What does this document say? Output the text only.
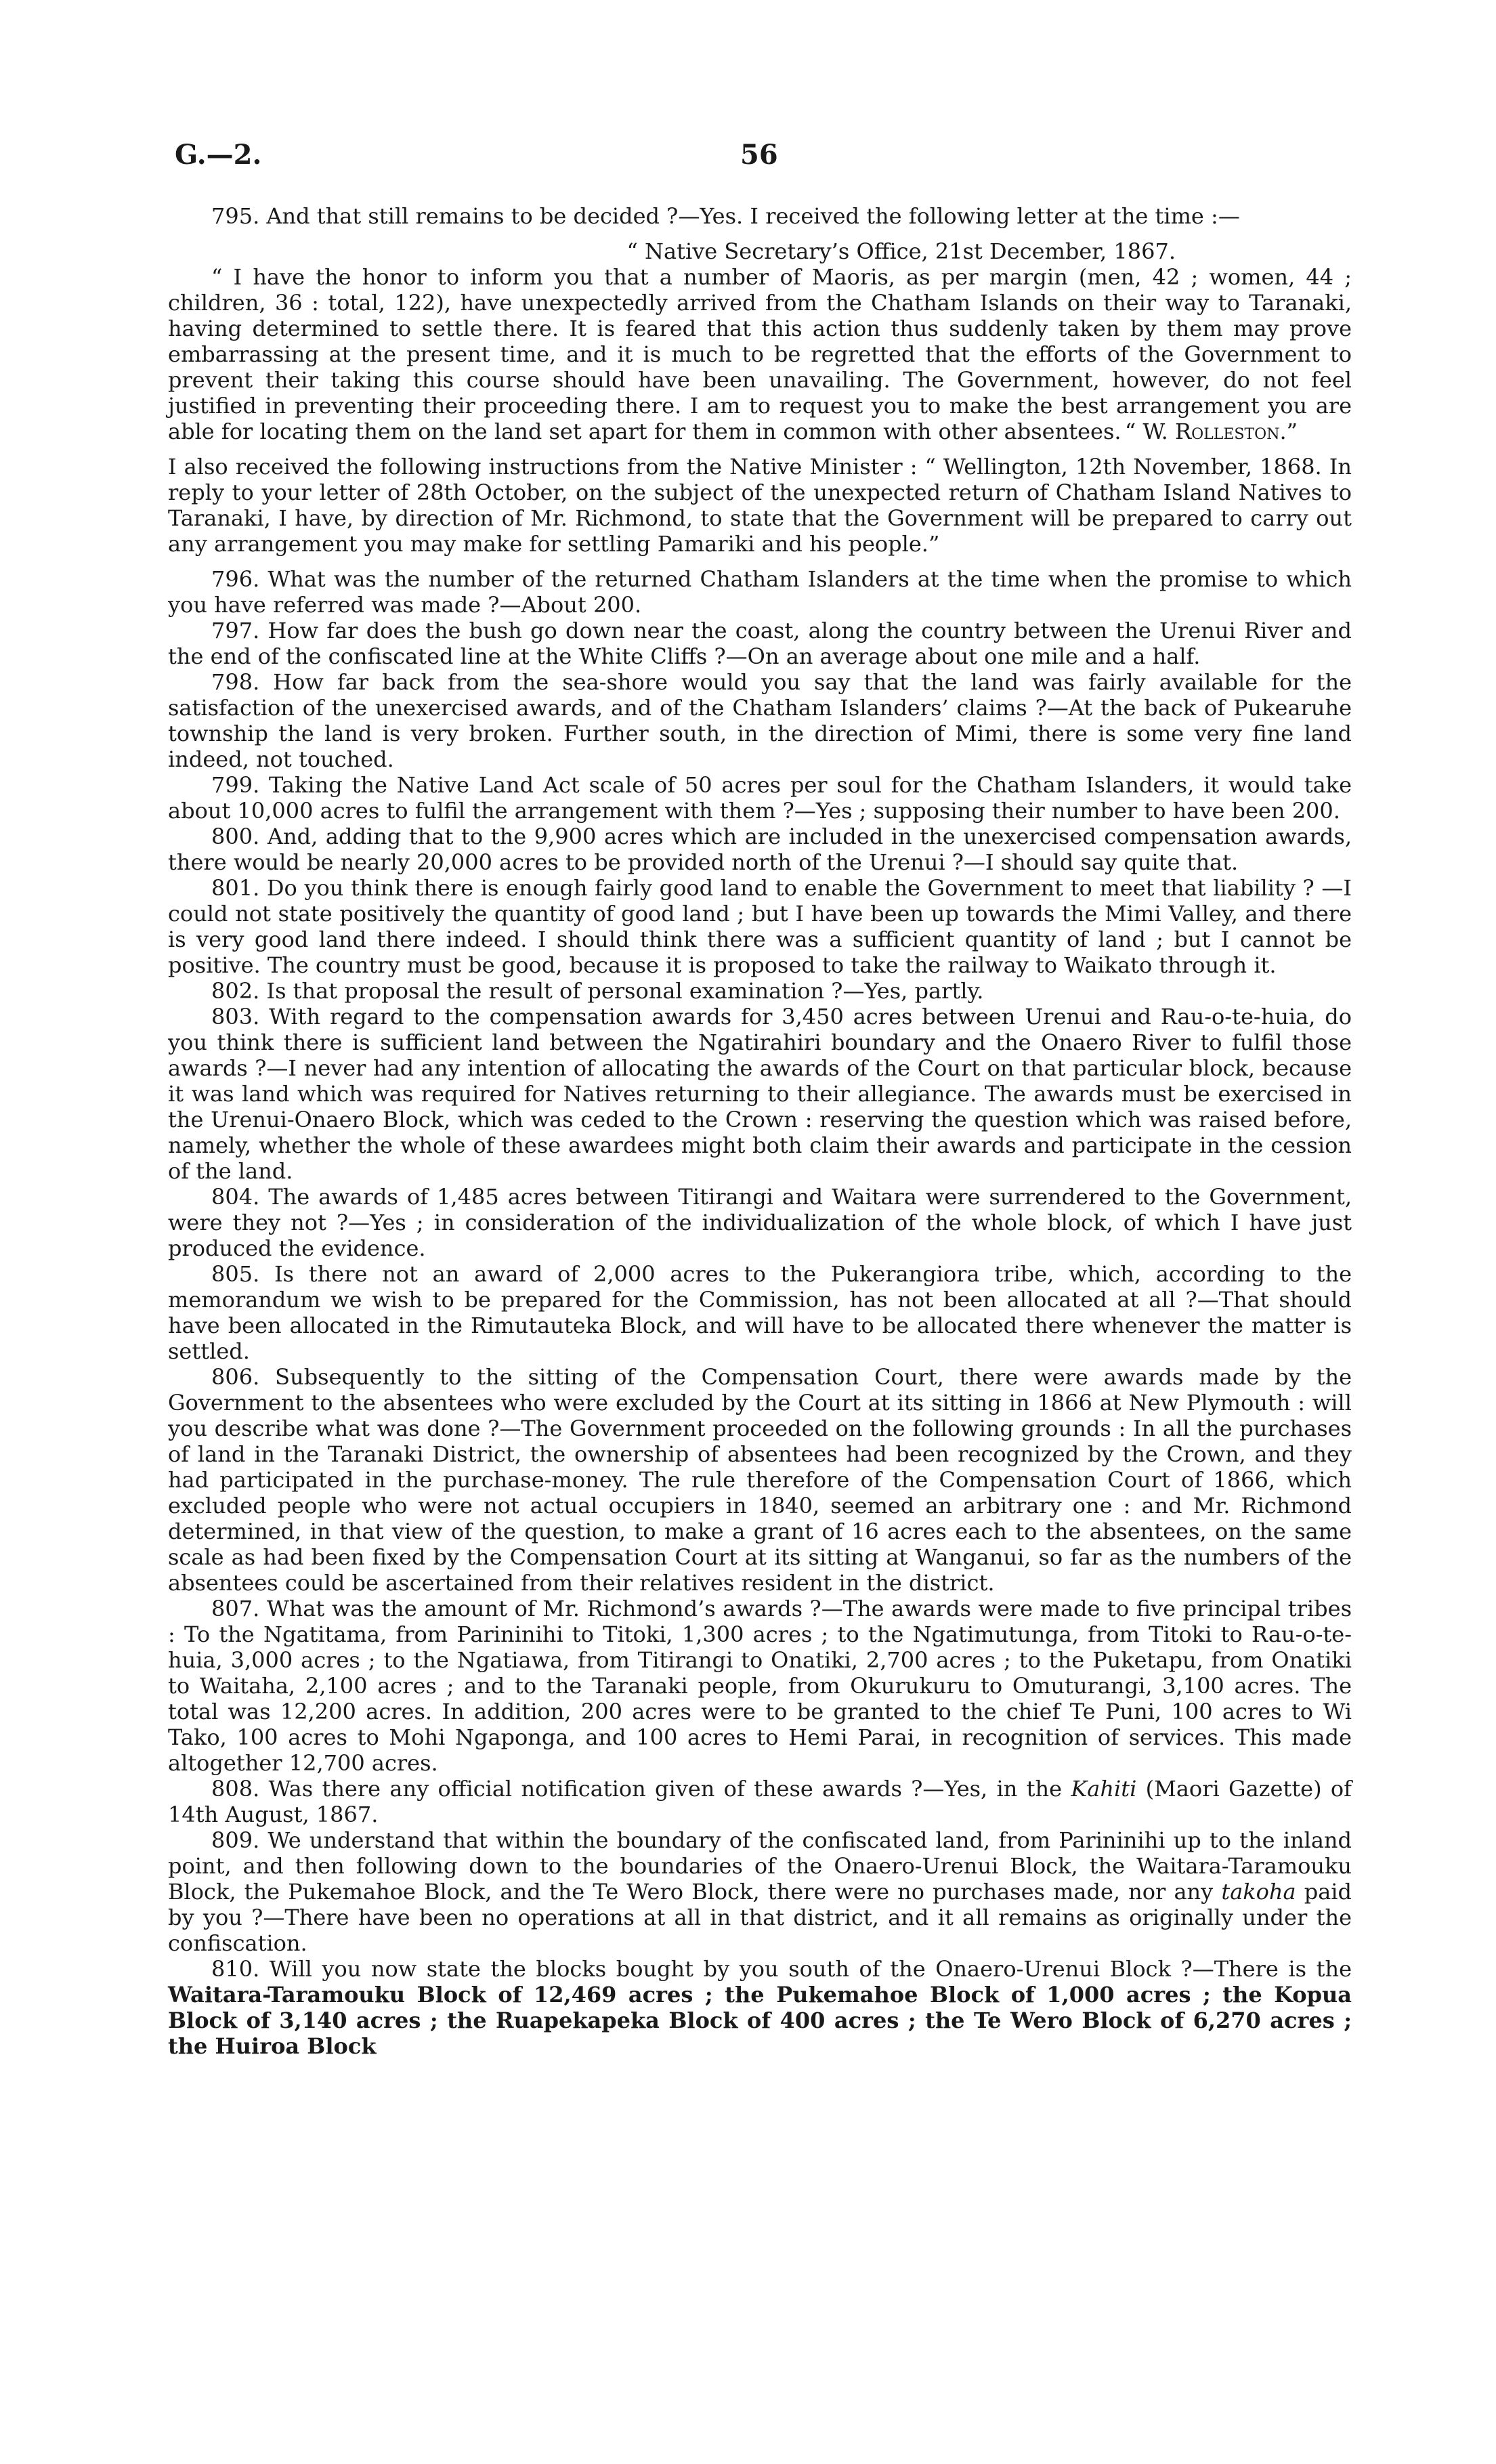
G.—2.	56

795. And that still remains to be decided ?—Yes. I received the following letter at the time :—

“ Native Secretary’s Office, 21st December, 1867.
“ I have the honor to inform you that a number of Maoris, as per margin (men, 42 ; women, 44 ; children, 36 : total, 122), have unexpectedly arrived from the Chatham Islands on their way to Taranaki, having determined to settle there. It is feared that this action thus suddenly taken by them may prove embarrassing at the present time, and it is much to be regretted that the efforts of the Government to prevent their taking this course should have been unavailing. The Government, however, do not feel justified in preventing their proceeding there. I am to request you to make the best arrangement you are able for locating them on the land set apart for them in common with other absentees. “ W. Rolleston.”

I also received the following instructions from the Native Minister : “ Wellington, 12th November, 1868. In reply to your letter of 28th October, on the subject of the unexpected return of Chatham Island Natives to Taranaki, I have, by direction of Mr. Richmond, to state that the Government will be prepared to carry out any arrangement you may make for settling Pamariki and his people.”

796. What was the number of the returned Chatham Islanders at the time when the promise to which you have referred was made ?—About 200.

797. How far does the bush go down near the coast, along the country between the Urenui River and the end of the confiscated line at the White Cliffs ?—On an average about one mile and a half.

798. How far back from the sea-shore would you say that the land was fairly available for the satisfaction of the unexercised awards, and of the Chatham Islanders’ claims ?—At the back of Pukearuhe township the land is very broken. Further south, in the direction of Mimi, there is some very fine land indeed, not touched.

799. Taking the Native Land Act scale of 50 acres per soul for the Chatham Islanders, it would take about 10,000 acres to fulfil the arrangement with them ?—Yes ; supposing their number to have been 200.

800. And, adding that to the 9,900 acres which are included in the unexercised compensation awards, there would be nearly 20,000 acres to be provided north of the Urenui ?—I should say quite that.

801. Do you think there is enough fairly good land to enable the Government to meet that liability ? —I could not state positively the quantity of good land ; but I have been up towards the Mimi Valley, and there is very good land there indeed. I should think there was a sufficient quantity of land ; but I cannot be positive. The country must be good, because it is proposed to take the railway to Waikato through it.

802. Is that proposal the result of personal examination ?—Yes, partly.

803. With regard to the compensation awards for 3,450 acres between Urenui and Rau-o-te-huia, do you think there is sufficient land between the Ngatirahiri boundary and the Onaero River to fulfil those awards ?—I never had any intention of allocating the awards of the Court on that particular block, because it was land which was required for Natives returning to their allegiance. The awards must be exercised in the Urenui-Onaero Block, which was ceded to the Crown : reserving the question which was raised before, namely, whether the whole of these awardees might both claim their awards and participate in the cession of the land.

804. The awards of 1,485 acres between Titirangi and Waitara were surrendered to the Government, were they not ?—Yes ; in consideration of the individualization of the whole block, of which I have just produced the evidence.

805. Is there not an award of 2,000 acres to the Pukerangiora tribe, which, according to the memorandum we wish to be prepared for the Commission, has not been allocated at all ?—That should have been allocated in the Rimutauteka Block, and will have to be allocated there whenever the matter is settled.

806. Subsequently to the sitting of the Compensation Court, there were awards made by the Government to the absentees who were excluded by the Court at its sitting in 1866 at New Plymouth : will you describe what was done ?—The Government proceeded on the following grounds : In all the purchases of land in the Taranaki District, the ownership of absentees had been recognized by the Crown, and they had participated in the purchase-money. The rule therefore of the Compensation Court of 1866, which excluded people who were not actual occupiers in 1840, seemed an arbitrary one : and Mr. Richmond determined, in that view of the question, to make a grant of 16 acres each to the absentees, on the same scale as had been fixed by the Compensation Court at its sitting at Wanganui, so far as the numbers of the absentees could be ascertained from their relatives resident in the district.

807. What was the amount of Mr. Richmond’s awards ?—The awards were made to five principal tribes : To the Ngatitama, from Parininihi to Titoki, 1,300 acres ; to the Ngatimutunga, from Titoki to Rau-o-te-huia, 3,000 acres ; to the Ngatiawa, from Titirangi to Onatiki, 2,700 acres ; to the Puketapu, from Onatiki to Waitaha, 2,100 acres ; and to the Taranaki people, from Okurukuru to Omuturangi, 3,100 acres. The total was 12,200 acres. In addition, 200 acres were to be granted to the chief Te Puni, 100 acres to Wi Tako, 100 acres to Mohi Ngaponga, and 100 acres to Hemi Parai, in recognition of services. This made altogether 12,700 acres.

808. Was there any official notification given of these awards ?—Yes, in the Kahiti (Maori Gazette) of 14th August, 1867.

809. We understand that within the boundary of the confiscated land, from Parininihi up to the inland point, and then following down to the boundaries of the Onaero-Urenui Block, the Waitara-Taramouku Block, the Pukemahoe Block, and the Te Wero Block, there were no purchases made, nor any takoha paid by you ?—There have been no operations at all in that district, and it all remains as originally under the confiscation.

810. Will you now state the blocks bought by you south of the Onaero-Urenui Block ?—There is the Waitara-Taramouku Block of 12,469 acres ; the Pukemahoe Block of 1,000 acres ; the Kopua Block of 3,140 acres ; the Ruapekapeka Block of 400 acres ; the Te Wero Block of 6,270 acres ; the Huiroa Block
